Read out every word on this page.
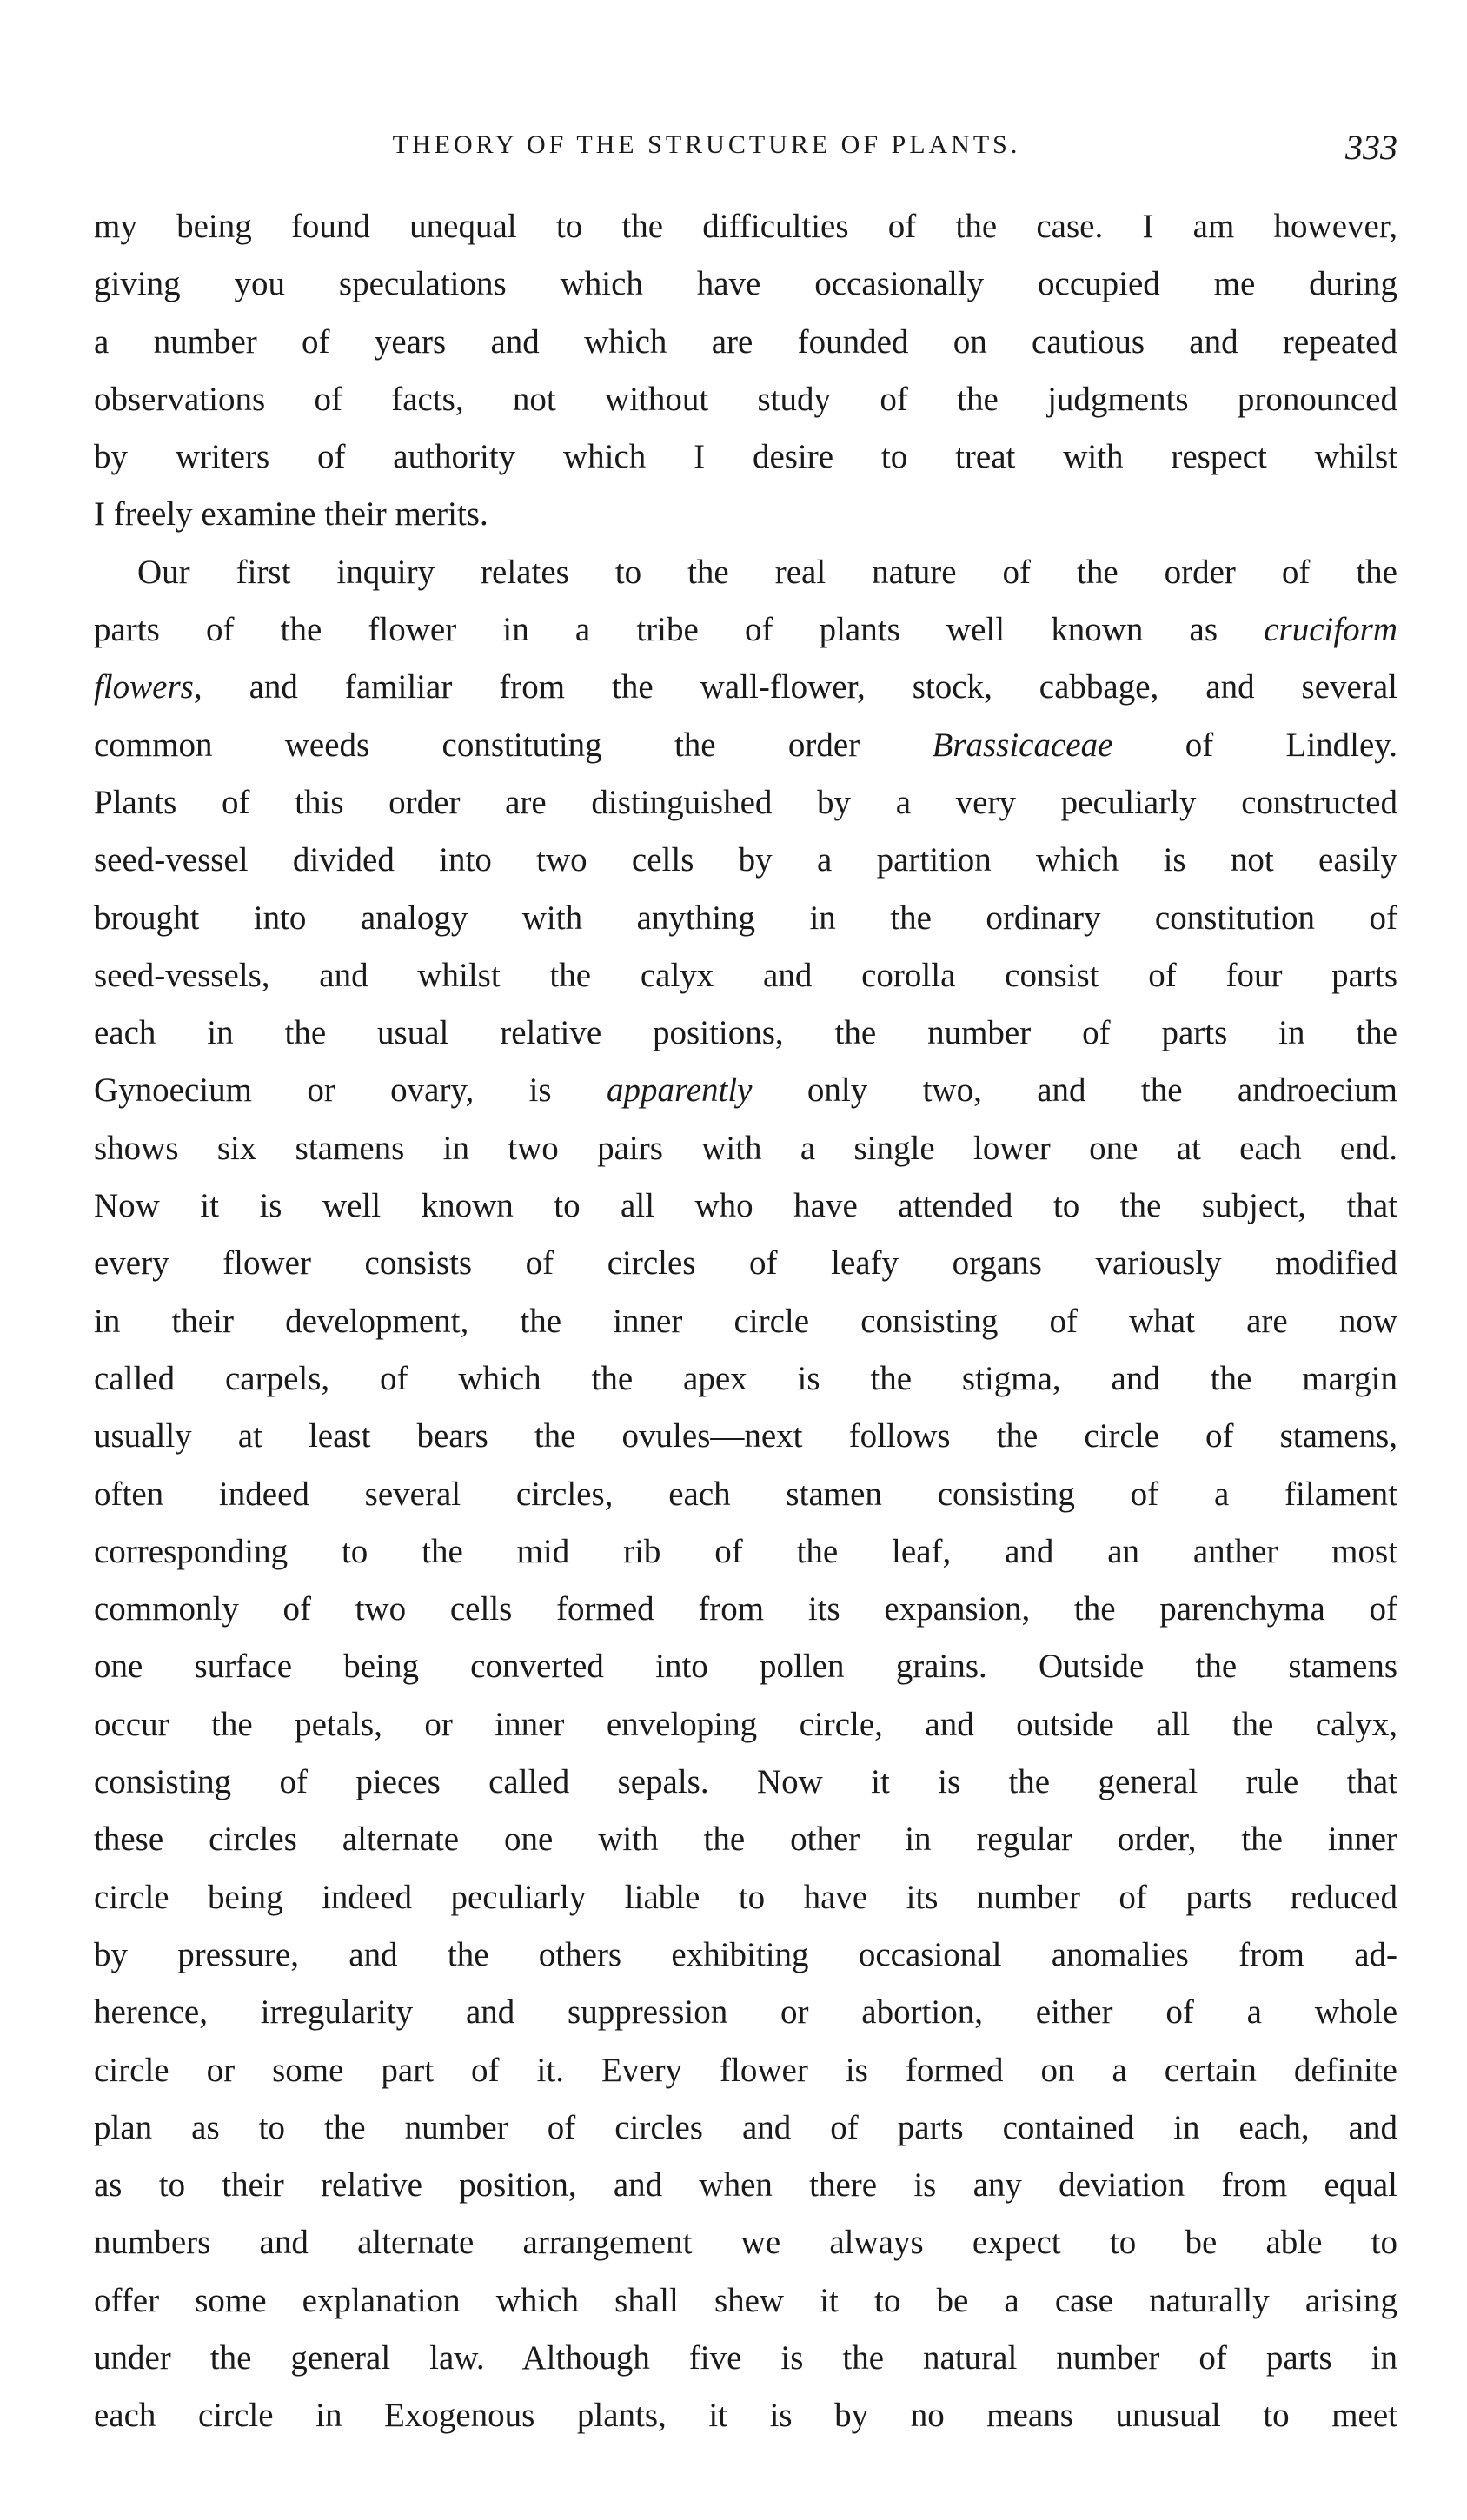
THEORY OF THE STRUCTURE OF PLANTS.	333

my being found unequal to the difficulties of the case. I am however,
giving you speculations which have occasionally occupied me during
a number of years and which are founded on cautious and repeated
observations of facts, not without study of the judgments pronounced
by writers of authority which I desire to treat with respect whilst
I freely examine their merits.

Our first inquiry relates to the real nature of the order of the
parts of the flower in a tribe of plants well known as cruciform
flowers, and familiar from the wall-flower, stock, cabbage, and several
common weeds constituting the order Brassicaceae of Lindley.
Plants of this order are distinguished by a very peculiarly constructed
seed-vessel divided into two cells by a partition which is not easily
brought into analogy with anything in the ordinary constitution of
seed-vessels, and whilst the calyx and corolla consist of four parts
each in the usual relative positions, the number of parts in the
Gynoecium or ovary, is apparently only two, and the androecium
shows six stamens in two pairs with a single lower one at each end.
Now it is well known to all who have attended to the subject, that
every flower consists of circles of leafy organs variously modified
in their development, the inner circle consisting of what are now
called carpels, of which the apex is the stigma, and the margin
usually at least bears the ovules—next follows the circle of stamens,
often indeed several circles, each stamen consisting of a filament
corresponding to the mid rib of the leaf, and an anther most
commonly of two cells formed from its expansion, the parenchyma of
one surface being converted into pollen grains. Outside the stamens
occur the petals, or inner enveloping circle, and outside all the calyx,
consisting of pieces called sepals. Now it is the general rule that
these circles alternate one with the other in regular order, the inner
circle being indeed peculiarly liable to have its number of parts reduced
by pressure, and the others exhibiting occasional anomalies from ad-
herence, irregularity and suppression or abortion, either of a whole
circle or some part of it. Every flower is formed on a certain definite
plan as to the number of circles and of parts contained in each, and
as to their relative position, and when there is any deviation from equal
numbers and alternate arrangement we always expect to be able to
offer some explanation which shall shew it to be a case naturally arising
under the general law. Although five is the natural number of parts in
each circle in Exogenous plants, it is by no means unusual to meet
